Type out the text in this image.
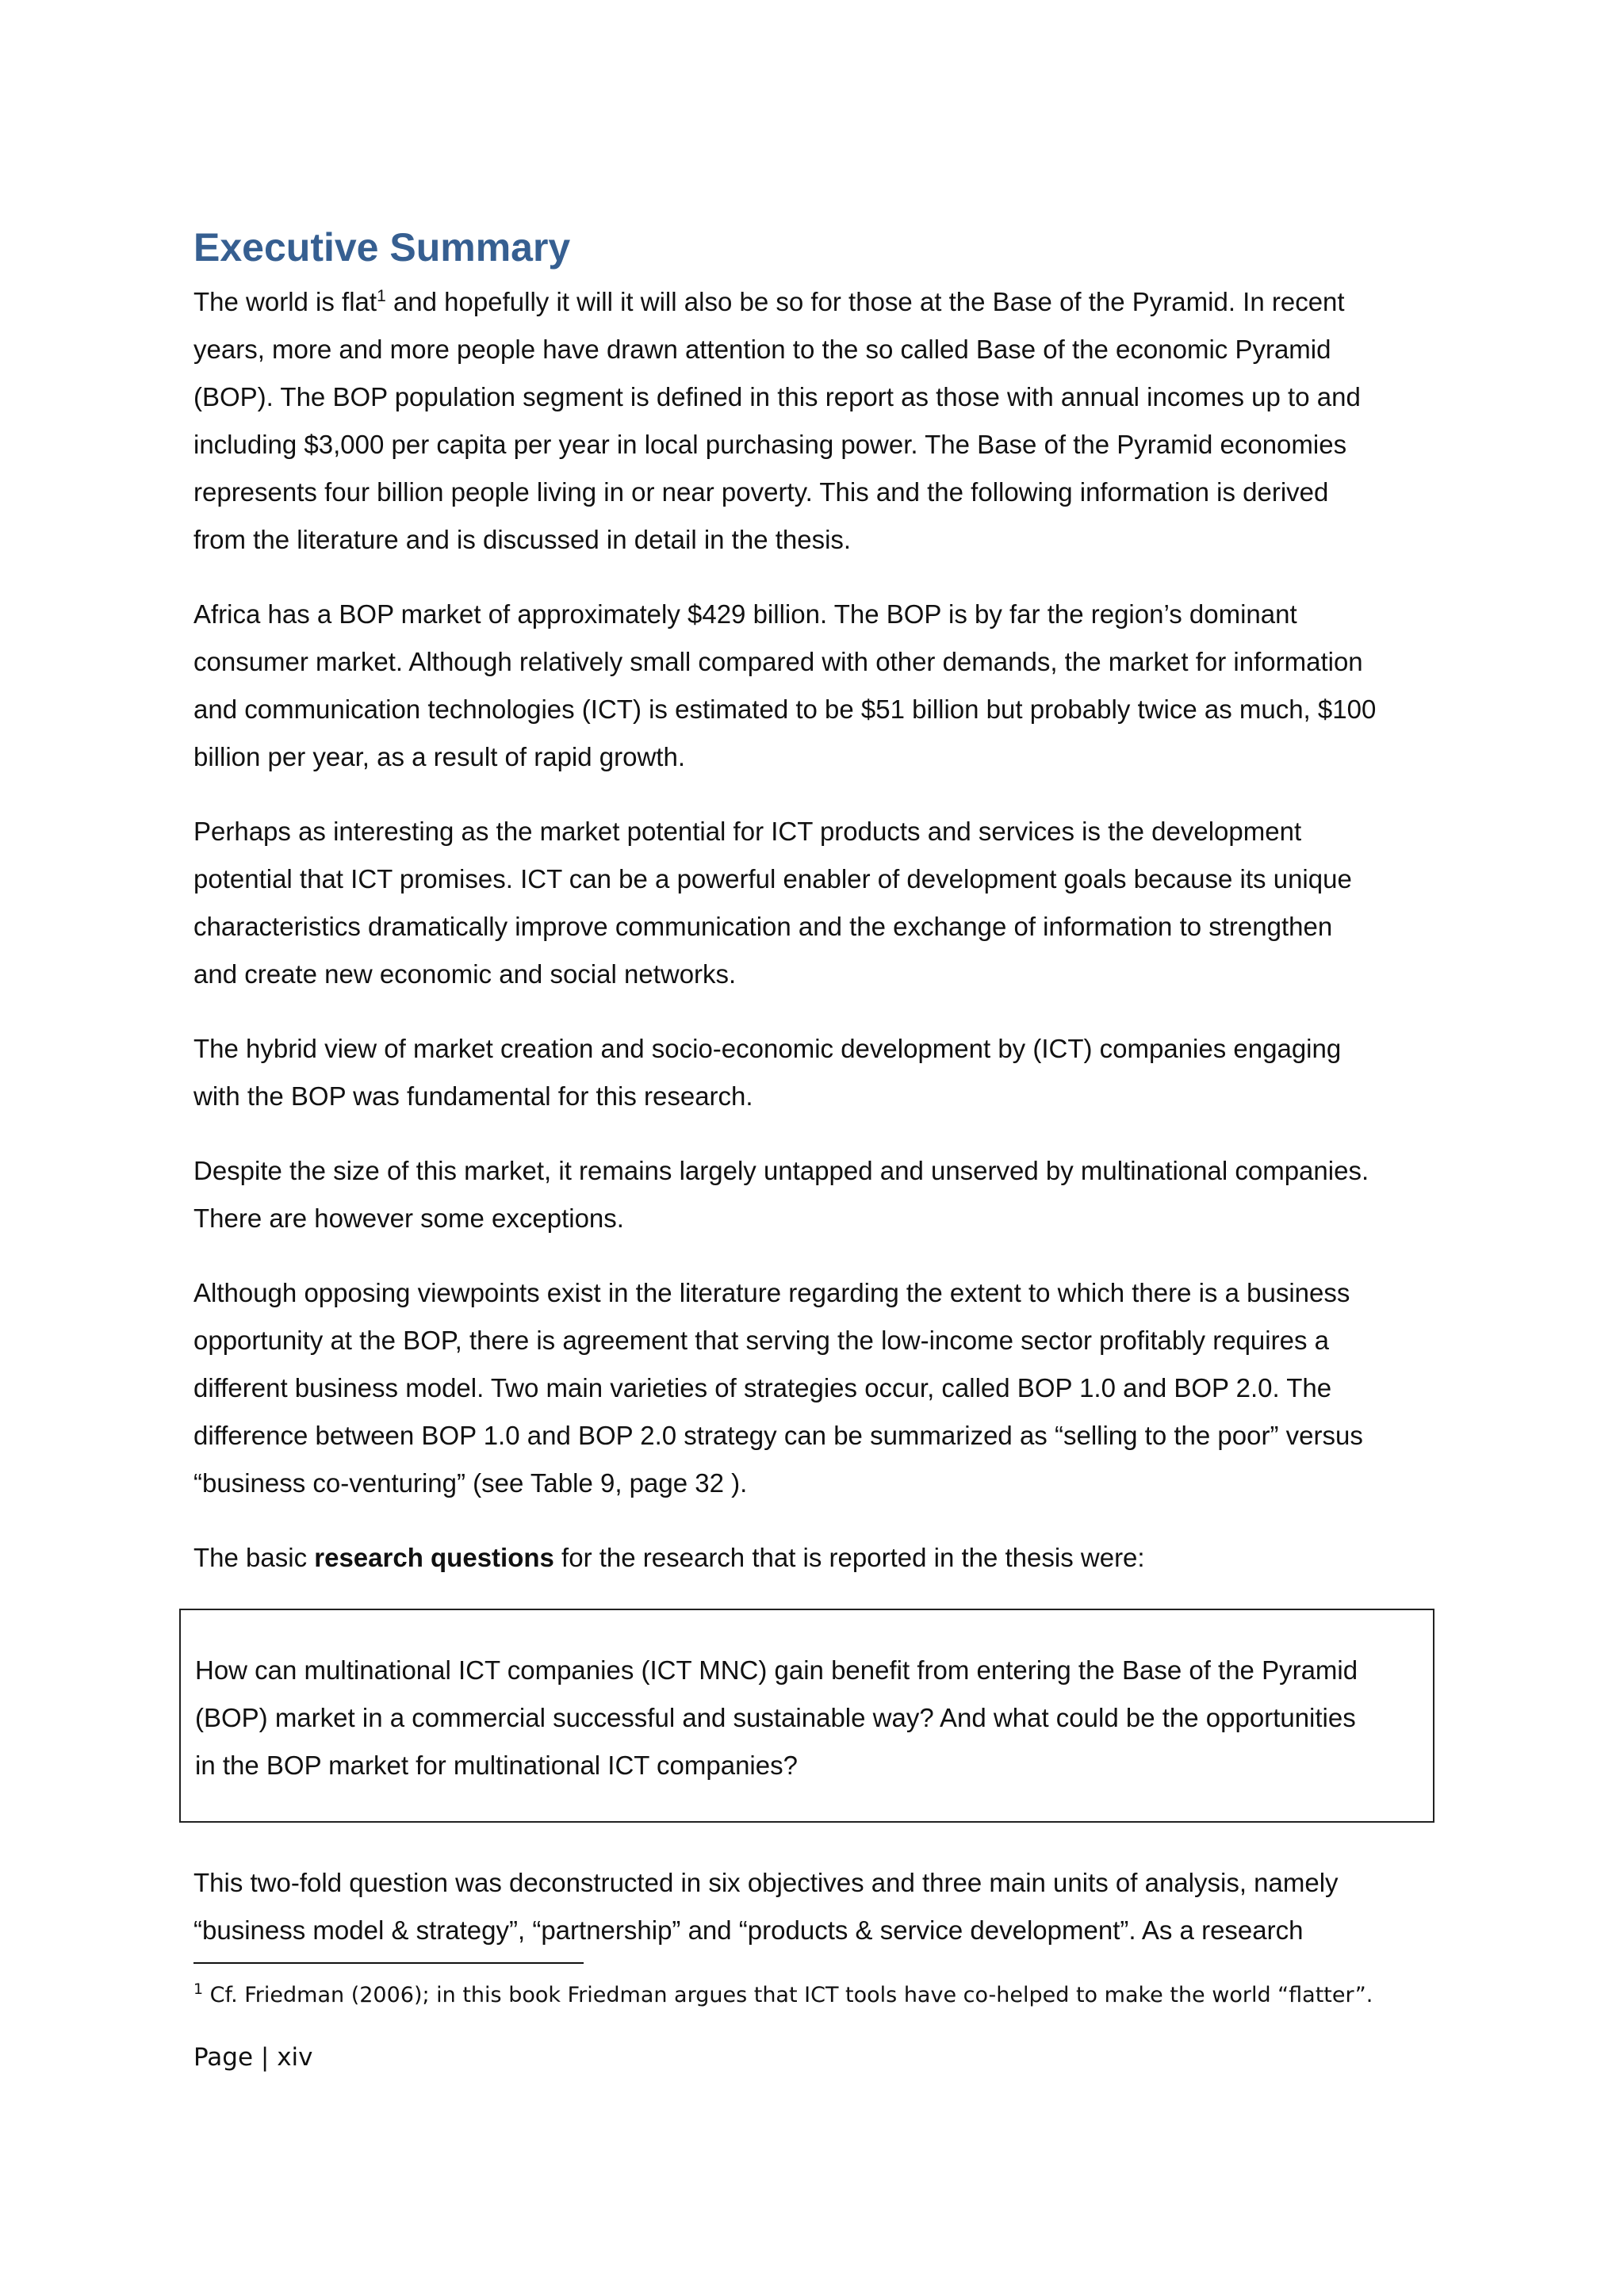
Executive Summary
The world is flat$^1$ and hopefully it will it will also be so for those at the Base of the Pyramid. In recent
years, more and more people have drawn attention to the so called Base of the economic Pyramid
(BOP). The BOP population segment is defined in this report as those with annual incomes up to and
including $3,000 per capita per year in local purchasing power. The Base of the Pyramid economies
represents four billion people living in or near poverty. This and the following information is derived
from the literature and is discussed in detail in the thesis.
Africa has a BOP market of approximately $429 billion. The BOP is by far the region’s dominant
consumer market. Although relatively small compared with other demands, the market for information
and communication technologies (ICT) is estimated to be $51 billion but probably twice as much, $100
billion per year, as a result of rapid growth.
Perhaps as interesting as the market potential for ICT products and services is the development
potential that ICT promises. ICT can be a powerful enabler of development goals because its unique
characteristics dramatically improve communication and the exchange of information to strengthen
and create new economic and social networks.
The hybrid view of market creation and socio-economic development by (ICT) companies engaging
with the BOP was fundamental for this research.
Despite the size of this market, it remains largely untapped and unserved by multinational companies.
There are however some exceptions.
Although opposing viewpoints exist in the literature regarding the extent to which there is a business
opportunity at the BOP, there is agreement that serving the low-income sector profitably requires a
different business model. Two main varieties of strategies occur, called BOP 1.0 and BOP 2.0. The
difference between BOP 1.0 and BOP 2.0 strategy can be summarized as “selling to the poor” versus
“business co-venturing” (see Table 9, page 32 ).
The basic research questions for the research that is reported in the thesis were:
How can multinational ICT companies (ICT MNC) gain benefit from entering the Base of the Pyramid
(BOP) market in a commercial successful and sustainable way? And what could be the opportunities
in the BOP market for multinational ICT companies?
This two-fold question was deconstructed in six objectives and three main units of analysis, namely
“business model & strategy”, “partnership” and “products & service development”. As a research
$^1$ Cf. Friedman (2006); in this book Friedman argues that ICT tools have co-helped to make the world “flatter”.
Page | xiv
